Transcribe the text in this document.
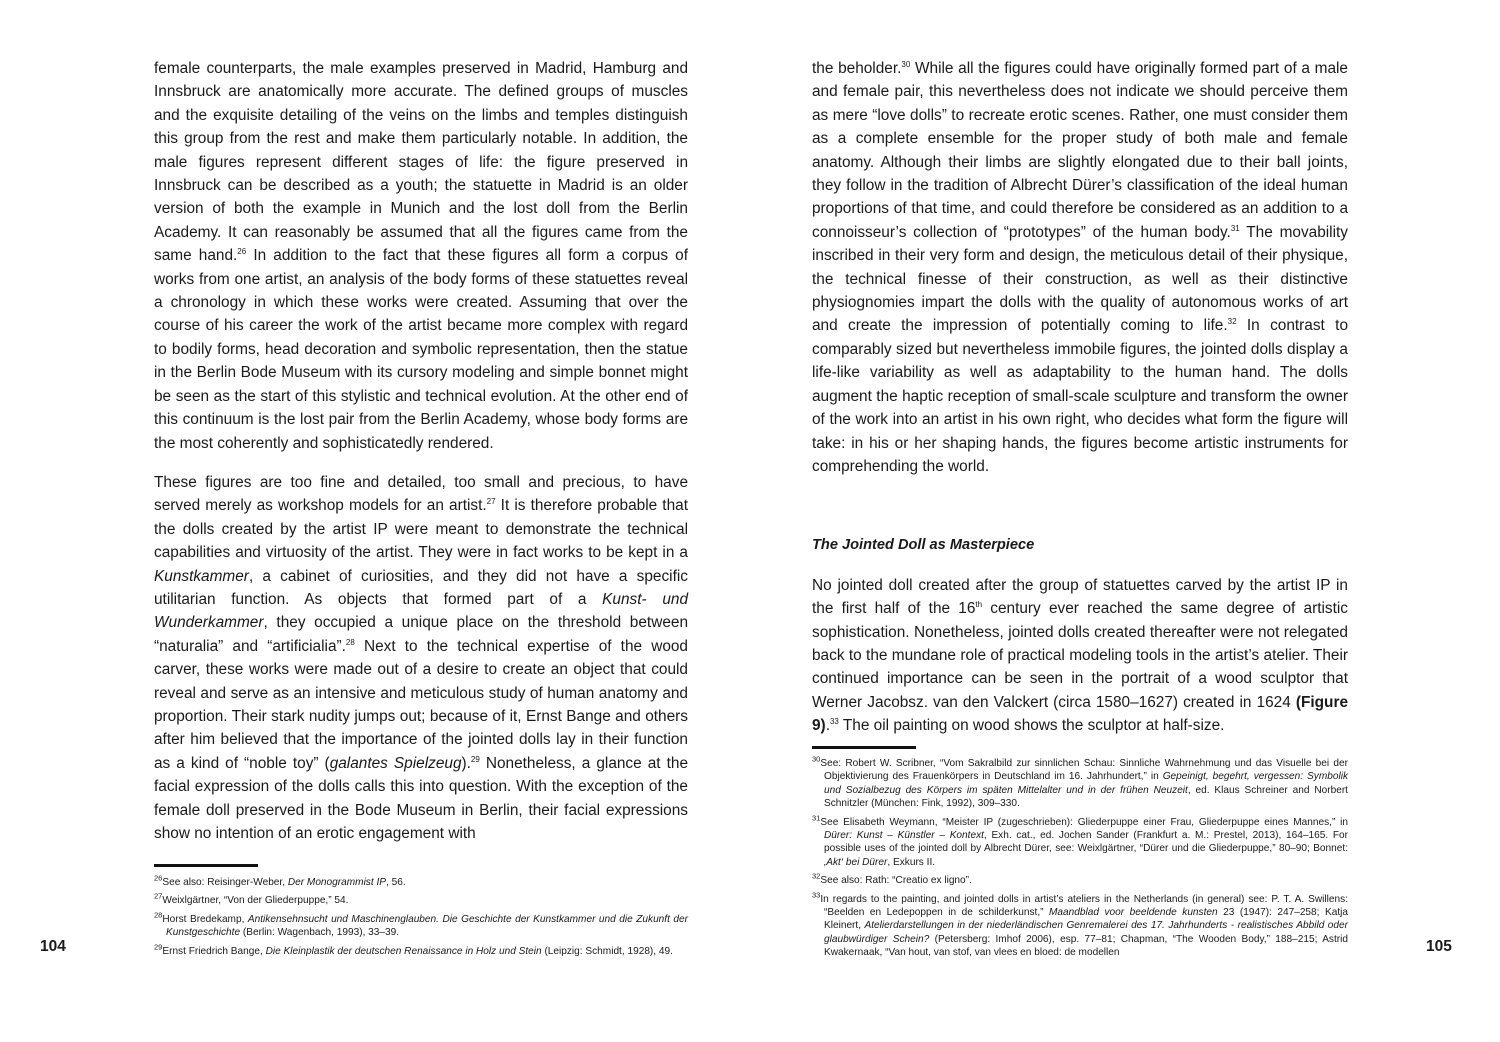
female counterparts, the male examples preserved in Madrid, Hamburg and Innsbruck are anatomically more accurate. The defined groups of muscles and the exquisite detailing of the veins on the limbs and temples distinguish this group from the rest and make them particularly notable. In addition, the male figures represent different stages of life: the figure preserved in Innsbruck can be described as a youth; the statuette in Madrid is an older version of both the example in Munich and the lost doll from the Berlin Academy. It can reasonably be assumed that all the figures came from the same hand.$^{26}$ In addition to the fact that these figures all form a corpus of works from one artist, an analysis of the body forms of these statuettes reveal a chronology in which these works were created. Assuming that over the course of his career the work of the artist became more complex with regard to bodily forms, head decoration and symbolic representation, then the statue in the Berlin Bode Museum with its cursory modeling and simple bonnet might be seen as the start of this stylistic and technical evolution. At the other end of this continuum is the lost pair from the Berlin Academy, whose body forms are the most coherently and sophisticatedly rendered.

These figures are too fine and detailed, too small and precious, to have served merely as workshop models for an artist.$^{27}$ It is therefore probable that the dolls created by the artist IP were meant to demonstrate the technical capabilities and virtuosity of the artist. They were in fact works to be kept in a Kunstkammer, a cabinet of curiosities, and they did not have a specific utilitarian function. As objects that formed part of a Kunst- und Wunderkammer, they occupied a unique place on the threshold between “naturalia” and “artificialia”.$^{28}$ Next to the technical expertise of the wood carver, these works were made out of a desire to create an object that could reveal and serve as an intensive and meticulous study of human anatomy and proportion. Their stark nudity jumps out; because of it, Ernst Bange and others after him believed that the importance of the jointed dolls lay in their function as a kind of “noble toy” (galantes Spielzeug).$^{29}$ Nonetheless, a glance at the facial expression of the dolls calls this into question. With the exception of the female doll preserved in the Bode Museum in Berlin, their facial expressions show no intention of an erotic engagement with

$^{26}$See also: Reisinger-Weber, Der Monogrammist IP, 56.

$^{27}$Weixlgärtner, “Von der Gliederpuppe,” 54.

$^{28}$Horst Bredekamp, Antikensehnsucht und Maschinenglauben. Die Geschichte der Kunstkammer und die Zukunft der Kunstgeschichte (Berlin: Wagenbach, 1993), 33–39.

$^{29}$Ernst Friedrich Bange, Die Kleinplastik der deutschen Renaissance in Holz und Stein (Leipzig: Schmidt, 1928), 49.

104

the beholder.$^{30}$ While all the figures could have originally formed part of a male and female pair, this nevertheless does not indicate we should perceive them as mere “love dolls” to recreate erotic scenes. Rather, one must consider them as a complete ensemble for the proper study of both male and female anatomy. Although their limbs are slightly elongated due to their ball joints, they follow in the tradition of Albrecht Dürer’s classification of the ideal human proportions of that time, and could therefore be considered as an addition to a connoisseur’s collection of “prototypes” of the human body.$^{31}$ The movability inscribed in their very form and design, the meticulous detail of their physique, the technical finesse of their construction, as well as their distinctive physiognomies impart the dolls with the quality of autonomous works of art and create the impression of potentially coming to life.$^{32}$ In contrast to comparably sized but nevertheless immobile figures, the jointed dolls display a life-like variability as well as adaptability to the human hand. The dolls augment the haptic reception of small-scale sculpture and transform the owner of the work into an artist in his own right, who decides what form the figure will take: in his or her shaping hands, the figures become artistic instruments for comprehending the world.

The Jointed Doll as Masterpiece

No jointed doll created after the group of statuettes carved by the artist IP in the first half of the 16th century ever reached the same degree of artistic sophistication. Nonetheless, jointed dolls created thereafter were not relegated back to the mundane role of practical modeling tools in the artist’s atelier. Their continued importance can be seen in the portrait of a wood sculptor that Werner Jacobsz. van den Valckert (circa 1580–1627) created in 1624 (Figure 9).$^{33}$ The oil painting on wood shows the sculptor at half-size.

$^{30}$See: Robert W. Scribner, “Vom Sakralbild zur sinnlichen Schau: Sinnliche Wahrnehmung und das Visuelle bei der Objektivierung des Frauenkörpers in Deutschland im 16. Jahrhundert,” in Gepeinigt, begehrt, vergessen: Symbolik und Sozialbezug des Körpers im späten Mittelalter und in der frühen Neuzeit, ed. Klaus Schreiner and Norbert Schnitzler (München: Fink, 1992), 309–330.

$^{31}$See Elisabeth Weymann, “Meister IP (zugeschrieben): Gliederpuppe einer Frau, Gliederpuppe eines Mannes,” in Dürer: Kunst – Künstler – Kontext, Exh. cat., ed. Jochen Sander (Frankfurt a. M.: Prestel, 2013), 164–165. For possible uses of the jointed doll by Albrecht Dürer, see: Weixlgärtner, “Dürer und die Gliederpuppe,” 80–90; Bonnet: ‚Akt‘ bei Dürer, Exkurs II.

$^{32}$See also: Rath: “Creatio ex ligno”.

$^{33}$In regards to the painting, and jointed dolls in artist’s ateliers in the Netherlands (in general) see: P. T. A. Swillens: “Beelden en Ledepoppen in de schilderkunst,” Maandblad voor beeldende kunsten 23 (1947): 247–258; Katja Kleinert, Atelierdarstellungen in der niederländischen Genremalerei des 17. Jahrhunderts - realistisches Abbild oder glaubwürdiger Schein? (Petersberg: Imhof 2006), esp. 77–81; Chapman, “The Wooden Body,” 188–215; Astrid Kwakernaak, “Van hout, van stof, van vlees en bloed: de modellen	105
